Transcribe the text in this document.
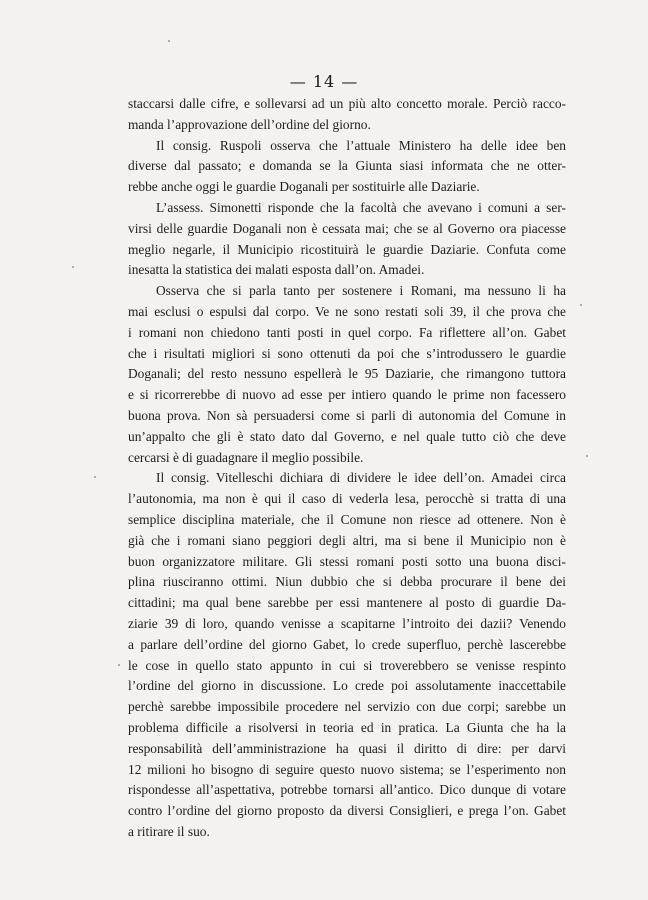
— 14 —
staccarsi dalle cifre, e sollevarsi ad un più alto concetto morale. Perciò racco-
manda l’approvazione dell’ordine del giorno.
Il consig. Ruspoli osserva che l’attuale Ministero ha delle idee ben
diverse dal passato; e domanda se la Giunta siasi informata che ne otter-
rebbe anche oggi le guardie Doganali per sostituirle alle Daziarie.
L’assess. Simonetti risponde che la facoltà che avevano i comuni a ser-
virsi delle guardie Doganali non è cessata mai; che se al Governo ora piacesse
meglio negarle, il Municipio ricostituirà le guardie Daziarie. Confuta come
inesatta la statistica dei malati esposta dall’on. Amadei.
Osserva che si parla tanto per sostenere i Romani, ma nessuno li ha
mai esclusi o espulsi dal corpo. Ve ne sono restati soli 39, il che prova che
i romani non chiedono tanti posti in quel corpo. Fa riflettere all’on. Gabet
che i risultati migliori si sono ottenuti da poi che s’introdussero le guardie
Doganali; del resto nessuno espellerà le 95 Daziarie, che rimangono tuttora
e si ricorrerebbe di nuovo ad esse per intiero quando le prime non facessero
buona prova. Non sà persuadersi come si parli di autonomia del Comune in
un’appalto che gli è stato dato dal Governo, e nel quale tutto ciò che deve
cercarsi è di guadagnare il meglio possibile.
Il consig. Vitelleschi dichiara di dividere le idee dell’on. Amadei circa
l’autonomia, ma non è qui il caso di vederla lesa, perocchè si tratta di una
semplice disciplina materiale, che il Comune non riesce ad ottenere. Non è
già che i romani siano peggiori degli altri, ma si bene il Municipio non è
buon organizzatore militare. Gli stessi romani posti sotto una buona disci-
plina riusciranno ottimi. Niun dubbio che si debba procurare il bene dei
cittadini; ma qual bene sarebbe per essi mantenere al posto di guardie Da-
ziarie 39 di loro, quando venisse a scapitarne l’introito dei dazii? Venendo
a parlare dell’ordine del giorno Gabet, lo crede superfluo, perchè lascerebbe
le cose in quello stato appunto in cui si troverebbero se venisse respinto
l’ordine del giorno in discussione. Lo crede poi assolutamente inaccettabile
perchè sarebbe impossibile procedere nel servizio con due corpi; sarebbe un
problema difficile a risolversi in teoria ed in pratica. La Giunta che ha la
responsabilità dell’amministrazione ha quasi il diritto di dire: per darvi
12 milioni ho bisogno di seguire questo nuovo sistema; se l’esperimento non
rispondesse all’aspettativa, potrebbe tornarsi all’antico. Dico dunque di votare
contro l’ordine del giorno proposto da diversi Consiglieri, e prega l’on. Gabet
a ritirare il suo.
